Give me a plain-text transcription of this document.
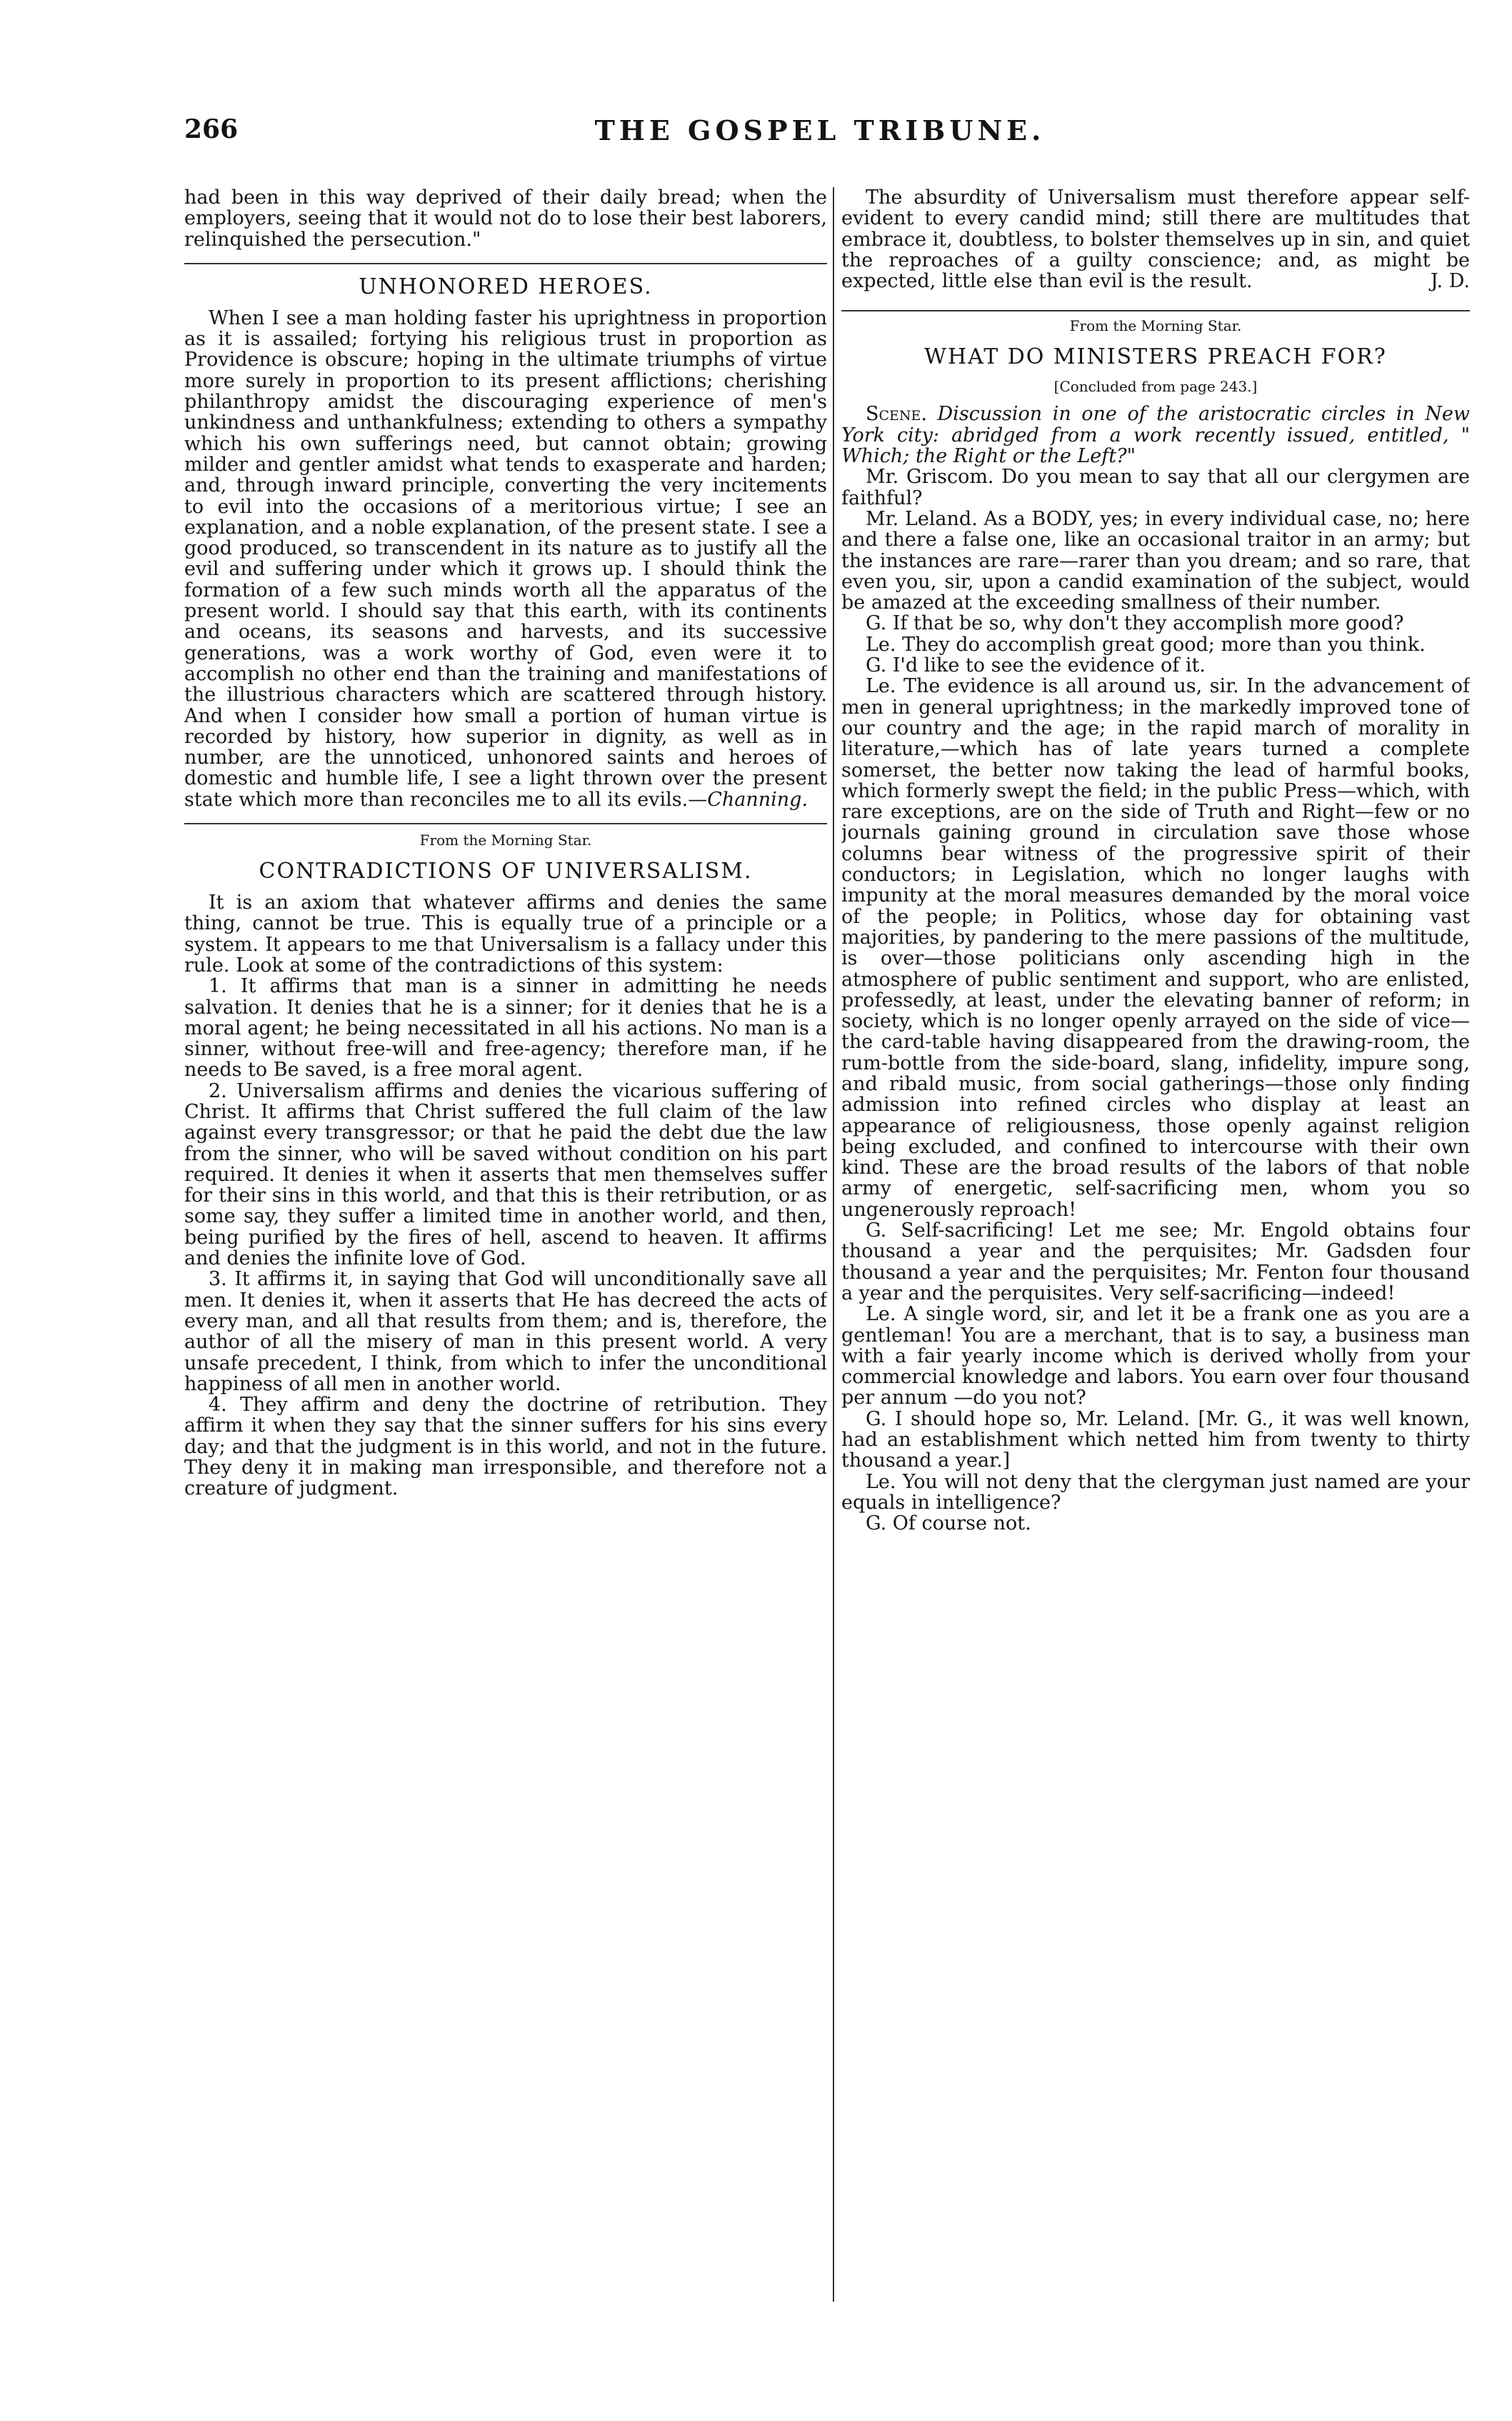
266	THE GOSPEL TRIBUNE.

had been in this way deprived of their daily bread; when the employers, seeing that it would not do to lose their best laborers, relinquished the persecution."

UNHONORED HEROES.

When I see a man holding faster his uprightness in proportion as it is assailed; fortying his religious trust in proportion as Providence is obscure; hoping in the ultimate triumphs of virtue more surely in proportion to its present afflictions; cherishing philanthropy amidst the discouraging experience of men's unkindness and unthankfulness; extending to others a sympathy which his own sufferings need, but cannot obtain; growing milder and gentler amidst what tends to exasperate and harden; and, through inward principle, converting the very incitements to evil into the occasions of a meritorious virtue; I see an explanation, and a noble explanation, of the present state. I see a good produced, so transcendent in its nature as to justify all the evil and suffering under which it grows up. I should think the formation of a few such minds worth all the apparatus of the present world. I should say that this earth, with its continents and oceans, its seasons and harvests, and its successive generations, was a work worthy of God, even were it to accomplish no other end than the training and manifestations of the illustrious characters which are scattered through history. And when I consider how small a portion of human virtue is recorded by history, how superior in dignity, as well as in number, are the unnoticed, unhonored saints and heroes of domestic and humble life, I see a light thrown over the present state which more than reconciles me to all its evils.—Channing.

From the Morning Star.
CONTRADICTIONS OF UNIVERSALISM.

It is an axiom that whatever affirms and denies the same thing, cannot be true. This is equally true of a principle or a system. It appears to me that Universalism is a fallacy under this rule. Look at some of the contradictions of this system:

1. It affirms that man is a sinner in admitting he needs salvation. It denies that he is a sinner; for it denies that he is a moral agent; he being necessitated in all his actions. No man is a sinner, without free-will and free-agency; therefore man, if he needs to Be saved, is a free moral agent.

2. Universalism affirms and denies the vicarious suffering of Christ. It affirms that Christ suffered the full claim of the law against every transgressor; or that he paid the debt due the law from the sinner, who will be saved without condition on his part required. It denies it when it asserts that men themselves suffer for their sins in this world, and that this is their retribution, or as some say, they suffer a limited time in another world, and then, being purified by the fires of hell, ascend to heaven. It affirms and denies the infinite love of God.

3. It affirms it, in saying that God will unconditionally save all men. It denies it, when it asserts that He has decreed the acts of every man, and all that results from them; and is, therefore, the author of all the misery of man in this present world. A very unsafe precedent, I think, from which to infer the unconditional happiness of all men in another world.

4. They affirm and deny the doctrine of retribution. They affirm it when they say that the sinner suffers for his sins every day; and that the judgment is in this world, and not in the future. They deny it in making man irresponsible, and therefore not a creature of judgment.

The absurdity of Universalism must therefore appear self-evident to every candid mind; still there are multitudes that embrace it, doubtless, to bolster themselves up in sin, and quiet the reproaches of a guilty conscience; and, as might be expected, little else than evil is the result.	J. D.

From the Morning Star.
WHAT DO MINISTERS PREACH FOR?
[Concluded from page 243.]

Scene. Discussion in one of the aristocratic circles in New York city: abridged from a work recently issued, entitled, " Which; the Right or the Left?"

Mr. Griscom. Do you mean to say that all our clergymen are faithful?

Mr. Leland. As a BODY, yes; in every individual case, no; here and there a false one, like an occasional traitor in an army; but the instances are rare—rarer than you dream; and so rare, that even you, sir, upon a candid examination of the subject, would be amazed at the exceeding smallness of their number.

G. If that be so, why don't they accomplish more good?

Le. They do accomplish great good; more than you think.

G. I'd like to see the evidence of it.

Le. The evidence is all around us, sir. In the advancement of men in general uprightness; in the markedly improved tone of our country and the age; in the rapid march of morality in literature,—which has of late years turned a complete somerset, the better now taking the lead of harmful books, which formerly swept the field; in the public Press—which, with rare exceptions, are on the side of Truth and Right—few or no journals gaining ground in circulation save those whose columns bear witness of the progressive spirit of their conductors; in Legislation, which no longer laughs with impunity at the moral measures demanded by the moral voice of the people; in Politics, whose day for obtaining vast majorities, by pandering to the mere passions of the multitude, is over—those politicians only ascending high in the atmosphere of public sentiment and support, who are enlisted, professedly, at least, under the elevating banner of reform; in society, which is no longer openly arrayed on the side of vice—the card-table having disappeared from the drawing-room, the rum-bottle from the side-board, slang, infidelity, impure song, and ribald music, from social gatherings—those only finding admission into refined circles who display at least an appearance of religiousness, those openly against religion being excluded, and confined to intercourse with their own kind. These are the broad results of the labors of that noble army of energetic, self-sacrificing men, whom you so ungenerously reproach!

G. Self-sacrificing! Let me see; Mr. Engold obtains four thousand a year and the perquisites; Mr. Gadsden four thousand a year and the perquisites; Mr. Fenton four thousand a year and the perquisites. Very self-sacrificing—indeed!

Le. A single word, sir, and let it be a frank one as you are a gentleman! You are a merchant, that is to say, a business man with a fair yearly income which is derived wholly from your commercial knowledge and labors. You earn over four thousand per annum —do you not?

G. I should hope so, Mr. Leland. [Mr. G., it was well known, had an establishment which netted him from twenty to thirty thousand a year.]

Le. You will not deny that the clergyman just named are your equals in intelligence?

G. Of course not.
